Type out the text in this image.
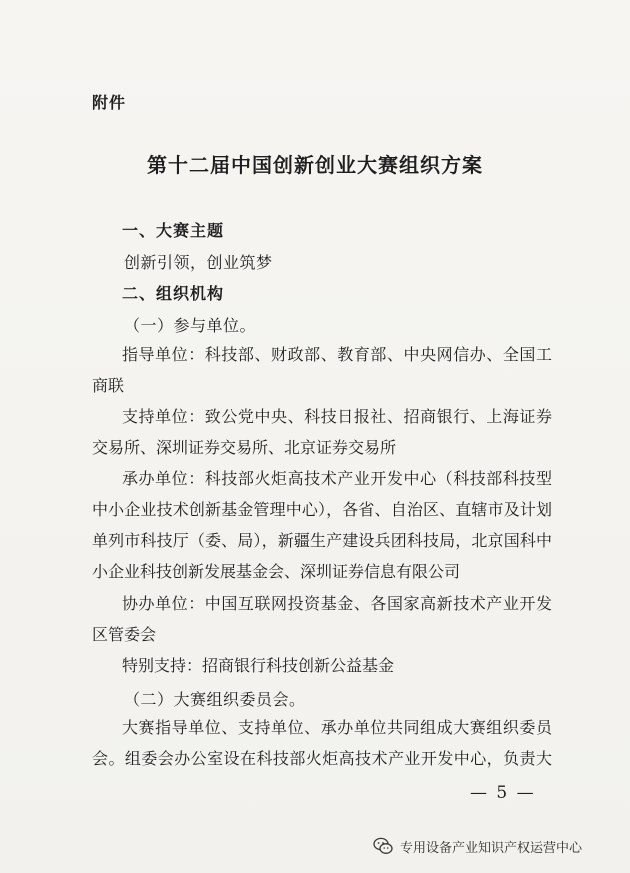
附件
第十二届中国创新创业大赛组织方案
一、大赛主题
创新引领，创业筑梦
二、组织机构
（一）参与单位。
指导单位：科技部、财政部、教育部、中央网信办、全国工
商联
支持单位：致公党中央、科技日报社、招商银行、上海证券
交易所、深圳证券交易所、北京证券交易所
承办单位：科技部火炬高技术产业开发中心（科技部科技型
中小企业技术创新基金管理中心），各省、自治区、直辖市及计划
单列市科技厅（委、局），新疆生产建设兵团科技局，北京国科中
小企业科技创新发展基金会、深圳证券信息有限公司
协办单位：中国互联网投资基金、各国家高新技术产业开发
区管委会
特别支持：招商银行科技创新公益基金
（二）大赛组织委员会。
大赛指导单位、支持单位、承办单位共同组成大赛组织委员
会。组委会办公室设在科技部火炬高技术产业开发中心，负责大
— 5 —
专用设备产业知识产权运营中心
